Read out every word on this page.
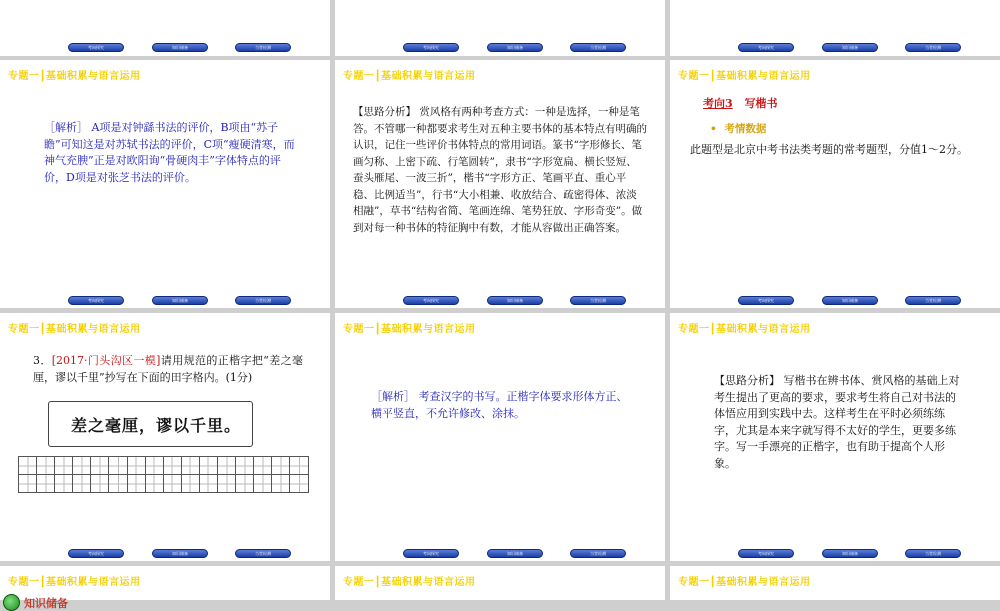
考向探究	知识储备	当堂检测	考向探究	知识储备	当堂检测	考向探究	知识储备	当堂检测
专题一┃基础积累与语言运用
［解析］ A项是对钟繇书法的评价，B项由“苏子瞻”可知这是对苏轼书法的评价，C项“瘦硬清寒，而神气充腴”正是对欧阳询“骨硬肉丰”字体特点的评价，D项是对张芝书法的评价。
考向探究	知识储备	当堂检测
专题一┃基础积累与语言运用
【思路分析】 赏风格有两种考查方式：一种是选择，一种是笔答。不管哪一种都要求考生对五种主要书体的基本特点有明确的认识，记住一些评价书体特点的常用词语。篆书“字形修长、笔画匀称、上密下疏、行笔圆转”，隶书“字形宽扁、横长竖短、蚕头雁尾、一波三折”，楷书“字形方正、笔画平直、重心平稳、比例适当”，行书“大小相兼、收放结合、疏密得体、浓淡相融”，草书“结构省简、笔画连绵、笔势狂放、字形奇变”。做到对每一种书体的特征胸中有数，才能从容做出正确答案。
考向探究	知识储备	当堂检测
专题一┃基础积累与语言运用
考向3 写楷书
• 考情数据
此题型是北京中考书法类考题的常考题型，分值1～2分。
考向探究	知识储备	当堂检测
专题一┃基础积累与语言运用
3．[2017·门头沟区一模]请用规范的正楷字把“差之毫厘，谬以千里”抄写在下面的田字格内。(1分)
差之毫厘，谬以千里。

考向探究	知识储备	当堂检测
专题一┃基础积累与语言运用
［解析］ 考查汉字的书写。正楷字体要求形体方正、横平竖直，不允许修改、涂抹。
考向探究	知识储备	当堂检测
专题一┃基础积累与语言运用
【思路分析】 写楷书在辨书体、赏风格的基础上对考生提出了更高的要求，要求考生将自己对书法的体悟应用到实践中去。这样考生在平时必须练练字，尤其是本来字就写得不太好的学生，更要多练字。写一手漂亮的正楷字，也有助于提高个人形象。
考向探究	知识储备	当堂检测
专题一┃基础积累与语言运用
知识储备
专题一┃基础积累与语言运用	专题一┃基础积累与语言运用
